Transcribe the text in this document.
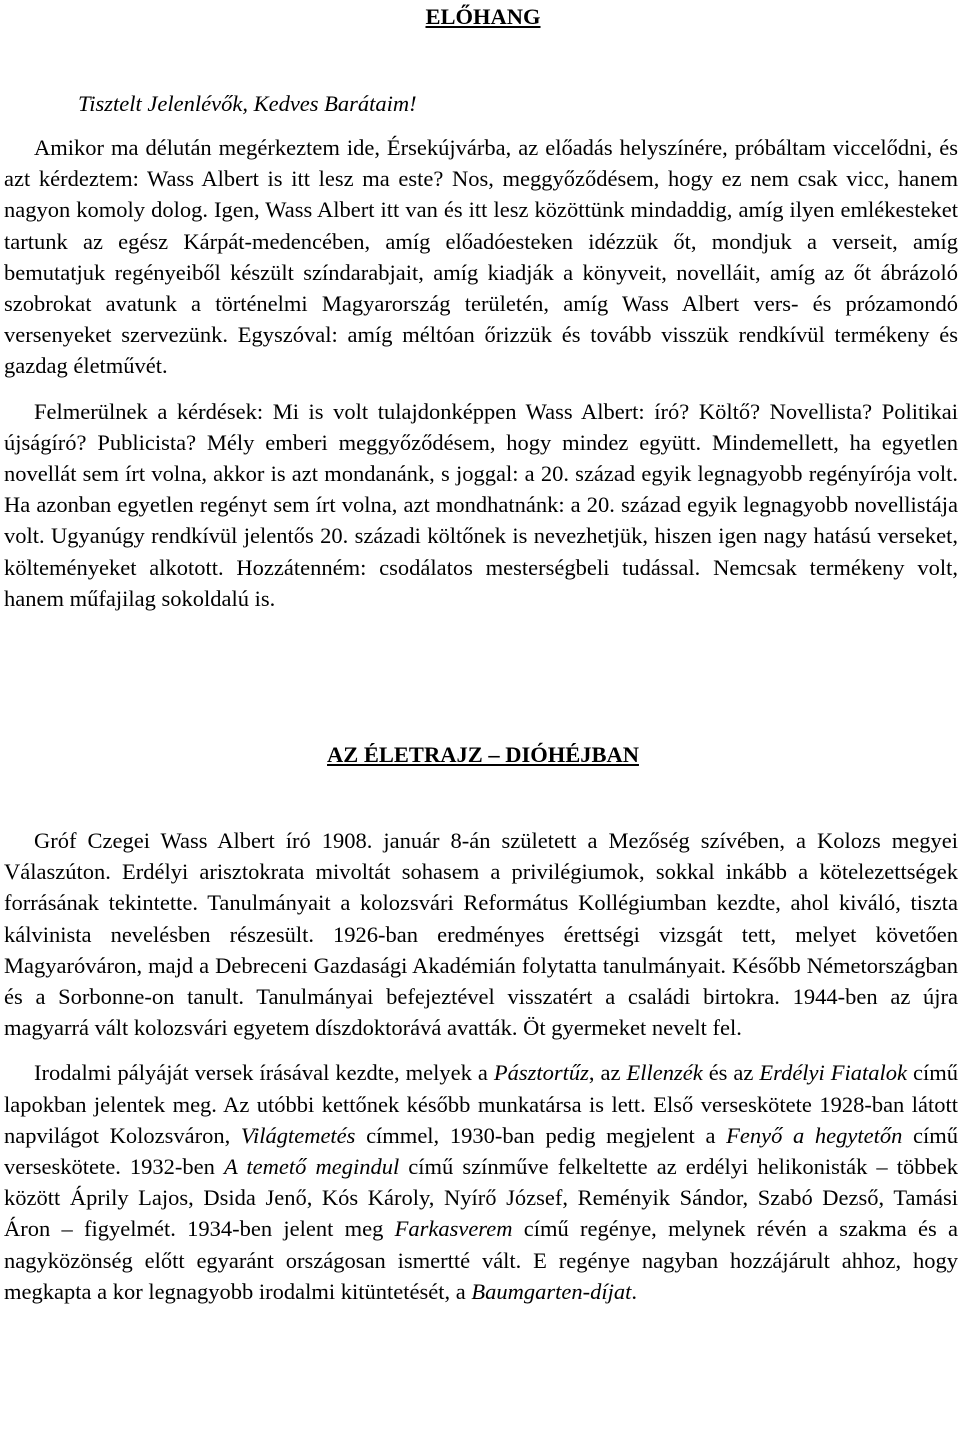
ELŐHANG

Tisztelt Jelenlévők, Kedves Barátaim!

Amikor ma délután megérkeztem ide, Érsekújvárba, az előadás helyszínére, próbáltam viccelődni, és azt kérdeztem: Wass Albert is itt lesz ma este? Nos, meggyőződésem, hogy ez nem csak vicc, hanem nagyon komoly dolog. Igen, Wass Albert itt van és itt lesz közöttünk mindaddig, amíg ilyen emlékesteket tartunk az egész Kárpát-medencében, amíg előadóesteken idézzük őt, mondjuk a verseit, amíg bemutatjuk regényeiből készült színdarabjait, amíg kiadják a könyveit, novelláit, amíg az őt ábrázoló szobrokat avatunk a történelmi Magyarország területén, amíg Wass Albert vers- és prózamondó versenyeket szervezünk. Egyszóval: amíg méltóan őrizzük és tovább visszük rendkívül termékeny és gazdag életművét.

Felmerülnek a kérdések: Mi is volt tulajdonképpen Wass Albert: író? Költő? Novellista? Politikai újságíró? Publicista? Mély emberi meggyőződésem, hogy mindez együtt. Mindemellett, ha egyetlen novellát sem írt volna, akkor is azt mondanánk, s joggal: a 20. század egyik legnagyobb regényírója volt. Ha azonban egyetlen regényt sem írt volna, azt mondhatnánk: a 20. század egyik legnagyobb novellistája volt. Ugyanúgy rendkívül jelentős 20. századi költőnek is nevezhetjük, hiszen igen nagy hatású verseket, költeményeket alkotott. Hozzátenném: csodálatos mesterségbeli tudással. Nemcsak termékeny volt, hanem műfajilag sokoldalú is.

AZ ÉLETRAJZ – DIÓHÉJBAN

Gróf Czegei Wass Albert író 1908. január 8-án született a Mezőség szívében, a Kolozs megyei Válaszúton. Erdélyi arisztokrata mivoltát sohasem a privilégiumok, sokkal inkább a kötelezettségek forrásának tekintette. Tanulmányait a kolozsvári Református Kollégiumban kezdte, ahol kiváló, tiszta kálvinista nevelésben részesült. 1926-ban eredményes érettségi vizsgát tett, melyet követően Magyaróváron, majd a Debreceni Gazdasági Akadémián folytatta tanulmányait. Később Németországban és a Sorbonne-on tanult. Tanulmányai befejeztével visszatért a családi birtokra. 1944-ben az újra magyarrá vált kolozsvári egyetem díszdoktorává avatták. Öt gyermeket nevelt fel.

Irodalmi pályáját versek írásával kezdte, melyek a Pásztortűz, az Ellenzék és az Erdélyi Fiatalok című lapokban jelentek meg. Az utóbbi kettőnek később munkatársa is lett. Első verseskötete 1928-ban látott napvilágot Kolozsváron, Világtemetés címmel, 1930-ban pedig megjelent a Fenyő a hegytetőn című verseskötete. 1932-ben A temető megindul című színműve felkeltette az erdélyi helikonisták – többek között Áprily Lajos, Dsida Jenő, Kós Károly, Nyírő József, Reményik Sándor, Szabó Dezső, Tamási Áron – figyelmét. 1934-ben jelent meg Farkasverem című regénye, melynek révén a szakma és a nagyközönség előtt egyaránt országosan ismertté vált. E regénye nagyban hozzájárult ahhoz, hogy megkapta a kor legnagyobb irodalmi kitüntetését, a Baumgarten-díjat.
